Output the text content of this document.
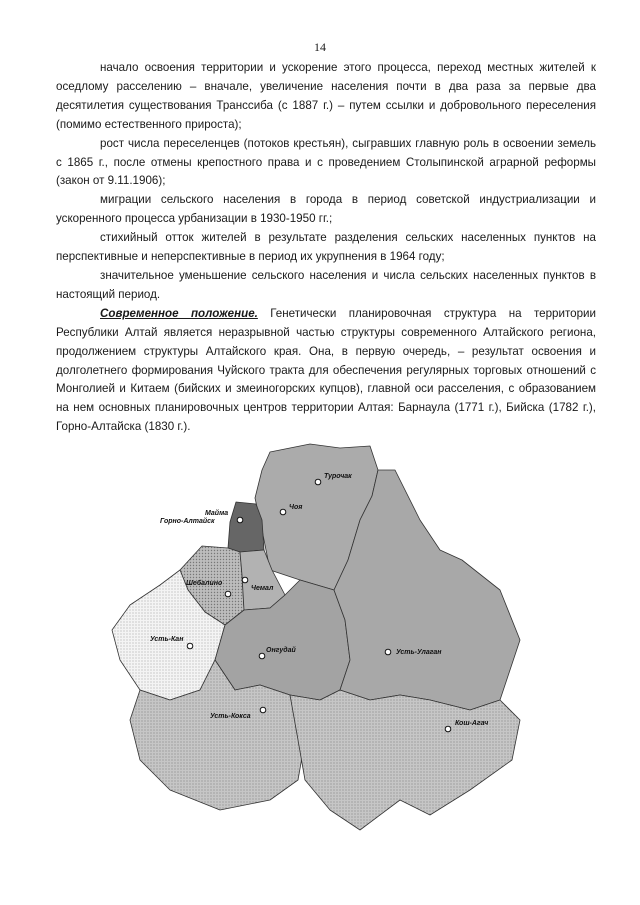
14

начало освоения территории и ускорение этого процесса, переход местных жителей к оседлому расселению – вначале, увеличение населения почти в два раза за первые два десятилетия существования Транссиба (с 1887 г.) – путем ссылки и добровольного переселения (помимо естественного прироста);

рост числа переселенцев (потоков крестьян), сыгравших главную роль в освоении земель с 1865 г., после отмены крепостного права и с проведением Столыпинской аграрной реформы (закон от 9.11.1906);

миграции сельского населения в города в период советской индустриализации и ускоренного процесса урбанизации в 1930-1950 гг.;

стихийный отток жителей в результате разделения сельских населенных пунктов на перспективные и неперспективные в период их укрупнения в 1964 году;

значительное уменьшение сельского населения и числа сельских населенных пунктов в настоящий период.

Современное положение. Генетически планировочная структура на территории Республики Алтай является неразрывной частью структуры современного Алтайского региона, продолжением структуры Алтайского края. Она, в первую очередь, – результат освоения и долголетнего формирования Чуйского тракта для обеспечения регулярных торговых отношений с Монголией и Китаем (бийских и змеиногорских купцов), главной оси расселения, с образованием на нем основных планировочных центров территории Алтая: Барнаула (1771 г.), Бийска (1782 г.), Горно-Алтайска (1830 г.).

Турочак
Майма
Горно-Алтайск
Чоя
Шебалино
Чемал
Усть-Кан
Онгудай	Усть-Улаган
Усть-Кокса
Кош-Агач
